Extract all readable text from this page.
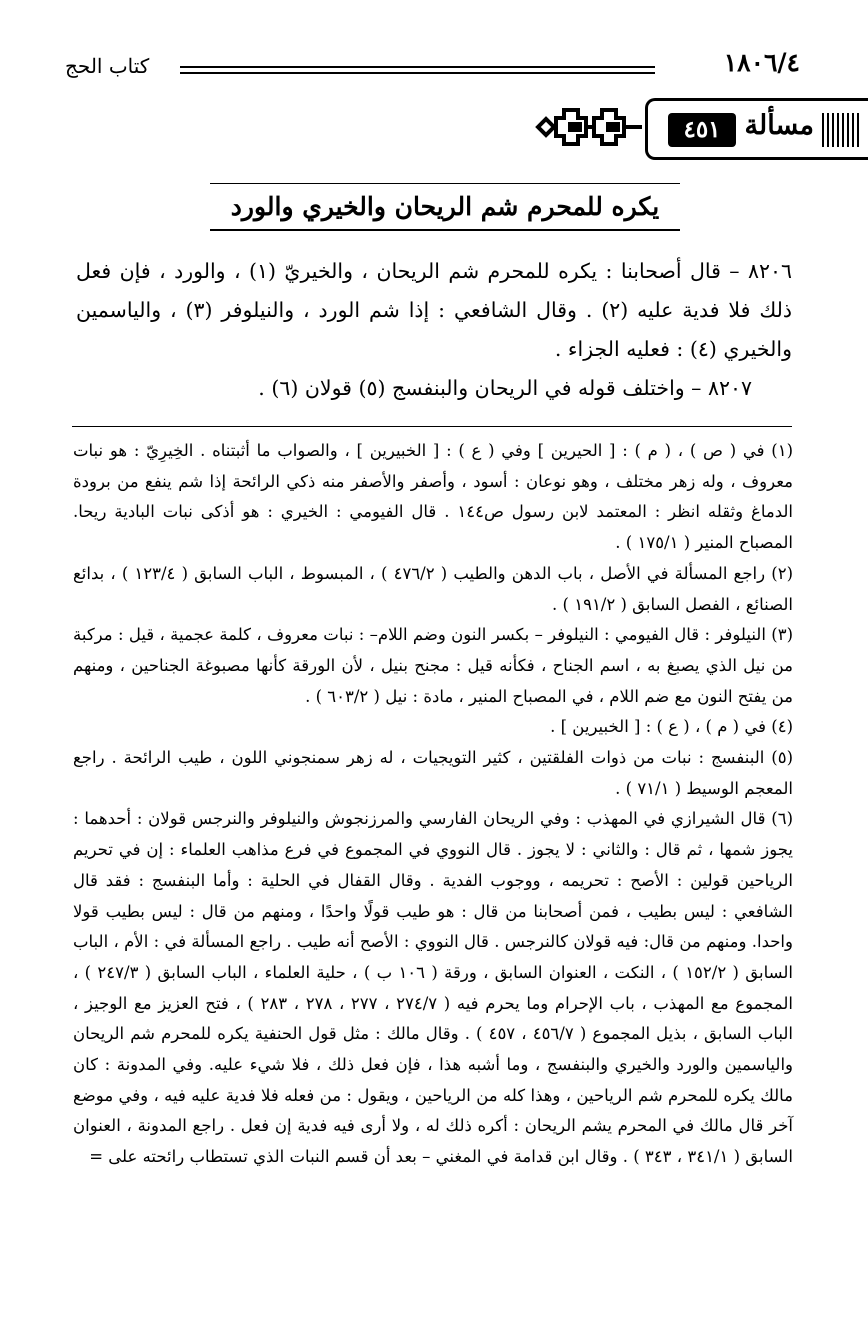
١٨٠٦/٤
كتاب الحج
مسألة
٤٥١
يكره للمحرم شم الريحان والخيري والورد

٨٢٠٦ – قال أصحابنا : يكره للمحرم شم الريحان ، والخيريّ (١) ، والورد ، فإن فعل ذلك فلا فدية عليه (٢) . وقال الشافعي : إذا شم الورد ، والنيلوفر (٣) ، والياسمين والخيري (٤) : فعليه الجزاء .

٨٢٠٧ – واختلف قوله في الريحان والبنفسج (٥) قولان (٦) .

(١) في ( ص ) ، ( م ) : [ الحيرين ] وفي ( ع ) : [ الخبيرين ] ، والصواب ما أثبتناه . الخِيرِيّ : هو نبات معروف ، وله زهر مختلف ، وهو نوعان : أسود ، وأصفر والأصفر منه ذكي الرائحة إذا شم ينفع من برودة الدماغ وثقله انظر : المعتمد لابن رسول ص١٤٤ . قال الفيومي : الخيري : هو أذكى نبات البادية ريحا. المصباح المنير ( ١٧٥/١ ) .

(٢) راجع المسألة في الأصل ، باب الدهن والطيب ( ٤٧٦/٢ ) ، المبسوط ، الباب السابق ( ١٢٣/٤ ) ، بدائع الصنائع ، الفصل السابق ( ١٩١/٢ ) .

(٣) النيلوفر : قال الفيومي : النيلوفر – بكسر النون وضم اللام– : نبات معروف ، كلمة عجمية ، قيل : مركبة من نيل الذي يصبغ به ، اسم الجناح ، فكأنه قيل : مجنح بنيل ، لأن الورقة كأنها مصبوغة الجناحين ، ومنهم من يفتح النون مع ضم اللام ، في المصباح المنير ، مادة : نيل ( ٦٠٣/٢ ) .

(٤) في ( م ) ، ( ع ) : [ الخبيرين ] .

(٥) البنفسج : نبات من ذوات الفلقتين ، كثير التويجيات ، له زهر سمنجوني اللون ، طيب الرائحة . راجع المعجم الوسيط ( ٧١/١ ) .

(٦) قال الشيرازي في المهذب : وفي الريحان الفارسي والمرزنجوش والنيلوفر والنرجس قولان : أحدهما : يجوز شمها ، ثم قال : والثاني : لا يجوز . قال النووي في المجموع في فرع مذاهب العلماء : إن في تحريم الرياحين قولين : الأصح : تحريمه ، ووجوب الفدية . وقال القفال في الحلية : وأما البنفسج : فقد قال الشافعي : ليس بطيب ، فمن أصحابنا من قال : هو طيب قولًا واحدًا ، ومنهم من قال : ليس بطيب قولا واحدا. ومنهم من قال: فيه قولان كالنرجس . قال النووي : الأصح أنه طيب . راجع المسألة في : الأم ، الباب السابق ( ١٥٢/٢ ) ، النكت ، العنوان السابق ، ورقة ( ١٠٦ ب ) ، حلية العلماء ، الباب السابق ( ٢٤٧/٣ ) ، المجموع مع المهذب ، باب الإحرام وما يحرم فيه ( ٢٧٤/٧ ، ٢٧٧ ، ٢٧٨ ، ٢٨٣ ) ، فتح العزيز مع الوجيز ، الباب السابق ، بذيل المجموع ( ٤٥٦/٧ ، ٤٥٧ ) . وقال مالك : مثل قول الحنفية يكره للمحرم شم الريحان والياسمين والورد والخيري والبنفسج ، وما أشبه هذا ، فإن فعل ذلك ، فلا شيء عليه. وفي المدونة : كان مالك يكره للمحرم شم الرياحين ، وهذا كله من الرياحين ، ويقول : من فعله فلا فدية عليه فيه ، وفي موضع آخر قال مالك في المحرم يشم الريحان : أكره ذلك له ، ولا أرى فيه فدية إن فعل . راجع المدونة ، العنوان السابق ( ٣٤١/١ ، ٣٤٣ ) . وقال ابن قدامة في المغني – بعد أن قسم النبات الذي تستطاب رائحته على =
